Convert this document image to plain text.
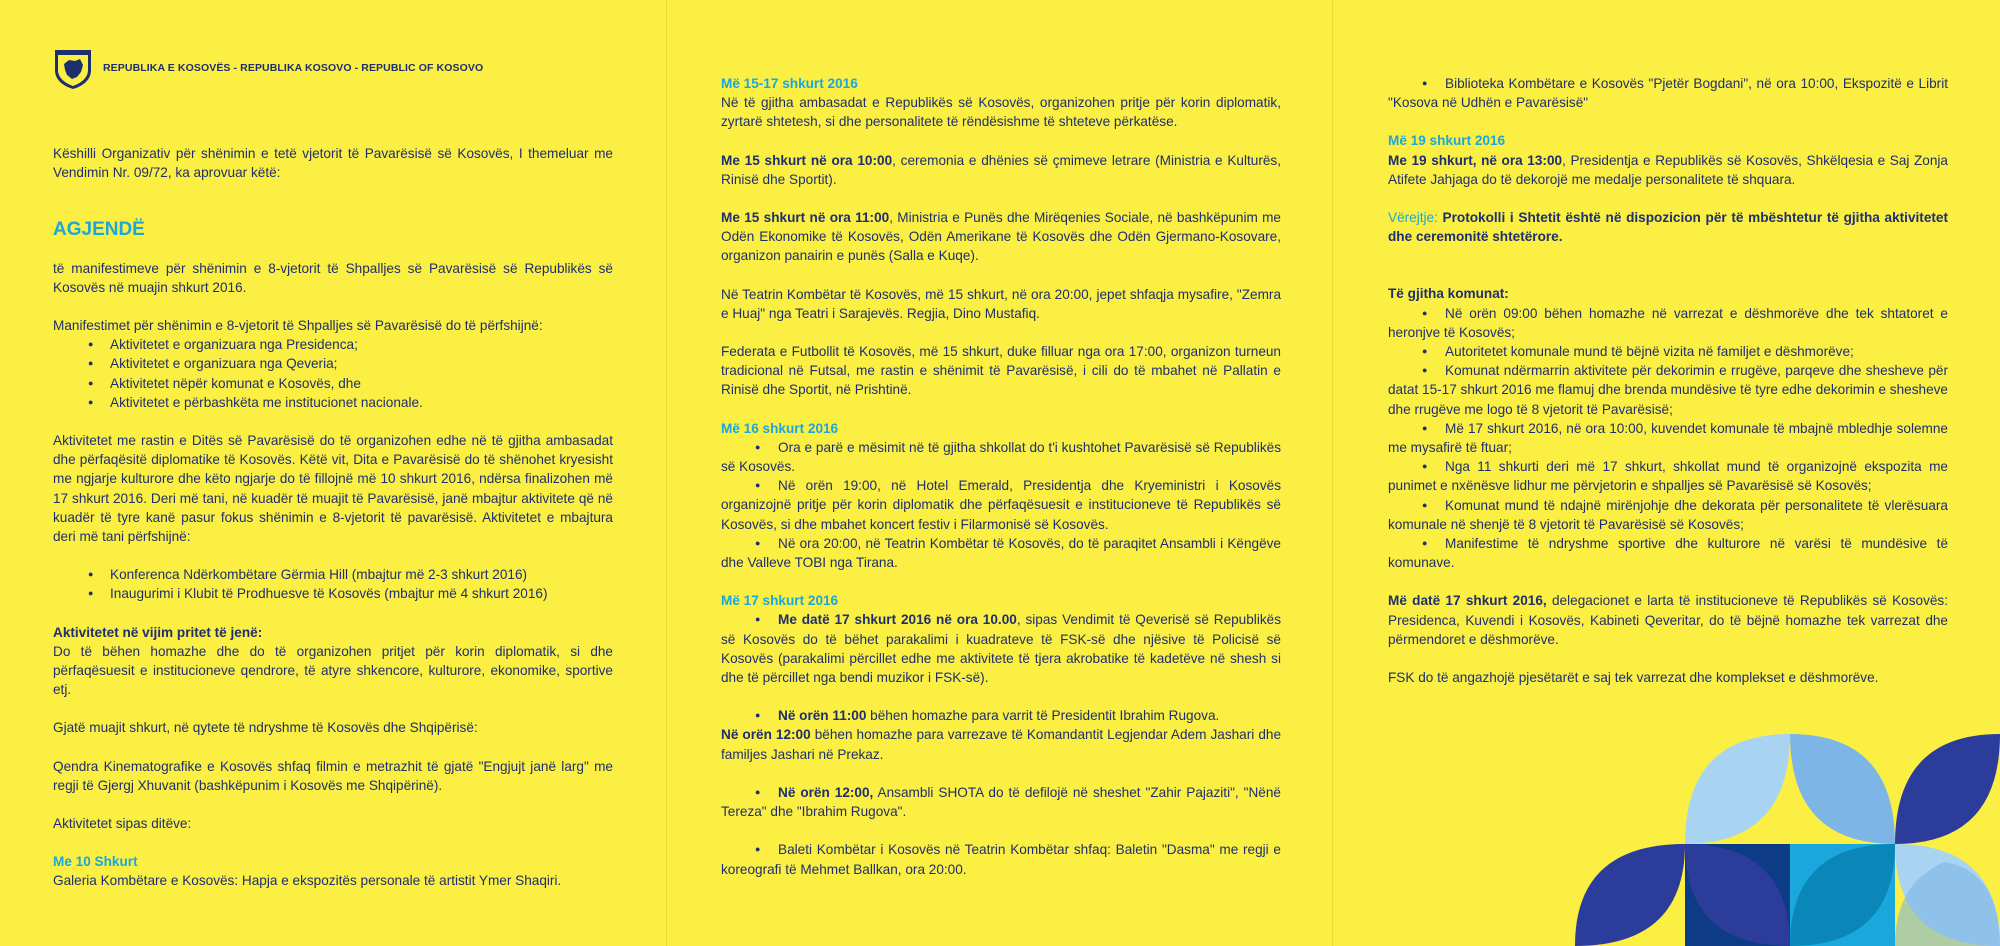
REPUBLIKA E KOSOVËS - REPUBLIKA KOSOVO - REPUBLIC OF KOSOVO

Këshilli Organizativ për shënimin e tetë vjetorit të Pavarësisë së Kosovës, I themeluar me Vendimin Nr. 09/72, ka aprovuar këtë:

AGJENDË

të manifestimeve për shënimin e 8-vjetorit të Shpalljes së Pavarësisë së Republikës së Kosovës në muajin shkurt 2016.

Manifestimet për shënimin e 8-vjetorit të Shpalljes së Pavarësisë do të përfshijnë:

● Aktivitetet e organizuara nga Presidenca;
● Aktivitetet e organizuara nga Qeveria;
● Aktivitetet nëpër komunat e Kosovës, dhe
● Aktivitetet e përbashkëta me institucionet nacionale.

Aktivitetet me rastin e Ditës së Pavarësisë do të organizohen edhe në të gjitha ambasadat dhe përfaqësitë diplomatike të Kosovës. Këtë vit, Dita e Pavarësisë do të shënohet kryesisht me ngjarje kulturore dhe këto ngjarje do të fillojnë më 10 shkurt 2016, ndërsa finalizohen më 17 shkurt 2016. Deri më tani, në kuadër të muajit të Pavarësisë, janë mbajtur aktivitete që në kuadër të tyre kanë pasur fokus shënimin e 8-vjetorit të pavarësisë. Aktivitetet e mbajtura deri më tani përfshijnë:

● Konferenca Ndërkombëtare Gërmia Hill (mbajtur më 2-3 shkurt 2016)
● Inaugurimi i Klubit të Prodhuesve të Kosovës (mbajtur më 4 shkurt 2016)

Aktivitetet në vijim pritet të jenë:

Do të bëhen homazhe dhe do të organizohen pritjet për korin diplomatik, si dhe përfaqësuesit e institucioneve qendrore, të atyre shkencore, kulturore, ekonomike, sportive etj.

Gjatë muajit shkurt, në qytete të ndryshme të Kosovës dhe Shqipërisë:

Qendra Kinematografike e Kosovës shfaq filmin e metrazhit të gjatë "Engjujt janë larg" me regji të Gjergj Xhuvanit (bashkëpunim i Kosovës me Shqipërinë).

Aktivitetet sipas ditëve:

Me 10 Shkurt

Galeria Kombëtare e Kosovës: Hapja e ekspozitës personale të artistit Ymer Shaqiri.

Më 15-17 shkurt 2016

Në të gjitha ambasadat e Republikës së Kosovës, organizohen pritje për korin diplomatik, zyrtarë shtetesh, si dhe personalitete të rëndësishme të shteteve përkatëse.

Me 15 shkurt në ora 10:00, ceremonia e dhënies së çmimeve letrare (Ministria e Kulturës, Rinisë dhe Sportit).

Me 15 shkurt në ora 11:00, Ministria e Punës dhe Mirëqenies Sociale, në bashkëpunim me Odën Ekonomike të Kosovës, Odën Amerikane të Kosovës dhe Odën Gjermano-Kosovare, organizon panairin e punës (Salla e Kuqe).

Në Teatrin Kombëtar të Kosovës, më 15 shkurt, në ora 20:00, jepet shfaqja mysafire, "Zemra e Huaj" nga Teatri i Sarajevës. Regjia, Dino Mustafiq.

Federata e Futbollit të Kosovës, më 15 shkurt, duke filluar nga ora 17:00, organizon turneun tradicional në Futsal, me rastin e shënimit të Pavarësisë, i cili do të mbahet në Pallatin e Rinisë dhe Sportit, në Prishtinë.

Më 16 shkurt 2016

● Ora e parë e mësimit në të gjitha shkollat do t'i kushtohet Pavarësisë së Republikës së Kosovës.
● Në orën 19:00, në Hotel Emerald, Presidentja dhe Kryeministri i Kosovës organizojnë pritje për korin diplomatik dhe përfaqësuesit e institucioneve të Republikës së Kosovës, si dhe mbahet koncert festiv i Filarmonisë së Kosovës.
● Në ora 20:00, në Teatrin Kombëtar të Kosovës, do të paraqitet Ansambli i Këngëve dhe Valleve TOBI nga Tirana.

Më 17 shkurt 2016

● Me datë 17 shkurt 2016 në ora 10.00, sipas Vendimit të Qeverisë së Republikës së Kosovës do të bëhet parakalimi i kuadrateve të FSK-së dhe njësive të Policisë së Kosovës (parakalimi përcillet edhe me aktivitete të tjera akrobatike të kadetëve në shesh si dhe të përcillet nga bendi muzikor i FSK-së).
● Në orën 11:00 bëhen homazhe para varrit të Presidentit Ibrahim Rugova.

Në orën 12:00 bëhen homazhe para varrezave të Komandantit Legjendar Adem Jashari dhe familjes Jashari në Prekaz.

● Në orën 12:00, Ansambli SHOTA do të defilojë në sheshet "Zahir Pajaziti", "Nënë Tereza" dhe "Ibrahim Rugova".
● Baleti Kombëtar i Kosovës në Teatrin Kombëtar shfaq: Baletin "Dasma" me regji e koreografi të Mehmet Ballkan, ora 20:00.
● Biblioteka Kombëtare e Kosovës "Pjetër Bogdani", në ora 10:00, Ekspozitë e Librit "Kosova në Udhën e Pavarësisë"

Më 19 shkurt 2016

Me 19 shkurt, në ora 13:00, Presidentja e Republikës së Kosovës, Shkëlqesia e Saj Zonja Atifete Jahjaga do të dekorojë me medalje personalitete të shquara.

Vërejtje: Protokolli i Shtetit është në dispozicion për të mbështetur të gjitha aktivitetet dhe ceremonitë shtetërore.

Të gjitha komunat:

● Në orën 09:00 bëhen homazhe në varrezat e dëshmorëve dhe tek shtatoret e heronjve të Kosovës;
● Autoritetet komunale mund të bëjnë vizita në familjet e dëshmorëve;
● Komunat ndërmarrin aktivitete për dekorimin e rrugëve, parqeve dhe shesheve për datat 15-17 shkurt 2016 me flamuj dhe brenda mundësive të tyre edhe dekorimin e shesheve dhe rrugëve me logo të 8 vjetorit të Pavarësisë;
● Më 17 shkurt 2016, në ora 10:00, kuvendet komunale të mbajnë mbledhje solemne me mysafirë të ftuar;
● Nga 11 shkurti deri më 17 shkurt, shkollat mund të organizojnë ekspozita me punimet e nxënësve lidhur me përvjetorin e shpalljes së Pavarësisë së Kosovës;
● Komunat mund të ndajnë mirënjohje dhe dekorata për personalitete të vlerësuara komunale në shenjë të 8 vjetorit të Pavarësisë së Kosovës;
● Manifestime të ndryshme sportive dhe kulturore në varësi të mundësive të komunave.

Më datë 17 shkurt 2016, delegacionet e larta të institucioneve të Republikës së Kosovës: Presidenca, Kuvendi i Kosovës, Kabineti Qeveritar, do të bëjnë homazhe tek varrezat dhe përmendoret e dëshmorëve.

FSK do të angazhojë pjesëtarët e saj tek varrezat dhe komplekset e dëshmorëve.
